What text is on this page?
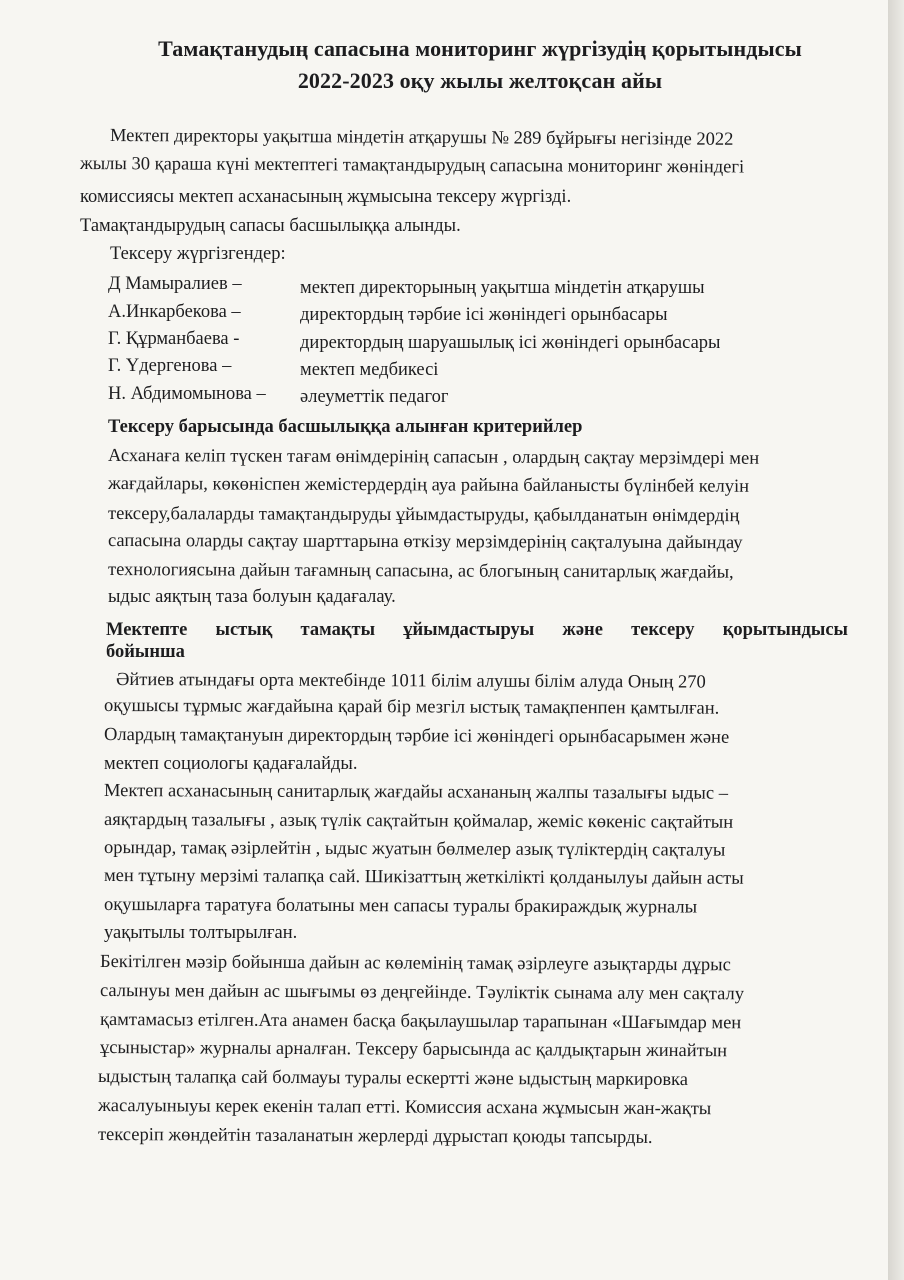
Тамақтанудың сапасына мониторинг жүргізудің қорытындысы
2022-2023 оқу жылы желтоқсан айы
Мектеп директоры уақытша міндетін атқарушы № 289 бұйрығы негізінде 2022
жылы 30 қараша күні мектептегі тамақтандырудың сапасына мониторинг жөніндегі
комиссиясы мектеп асханасының жұмысына тексеру жүргізді.
Тамақтандырудың сапасы басшылыққа алынды.
Тексеру жүргізгендер:
Д Мамыралиев –	мектеп директорының уақытша міндетін атқарушы
А.Инкарбекова –	директордың тәрбие ісі жөніндегі орынбасары
Г. Құрманбаева -	директордың шаруашылық ісі жөніндегі орынбасары
Г. Үдергенова –	мектеп медбикесі
Н. Абдимомынова – әлеуметтік педагог
Тексеру барысында басшылыққа алынған критерийлер
Асханаға келіп түскен тағам өнімдерінің сапасын , олардың сақтау мерзімдері мен
жағдайлары, көкөніспен жемістердердің ауа райына байланысты бүлінбей келуін
тексеру,балаларды тамақтандыруды ұйымдастыруды, қабылданатын өнімдердің
сапасына оларды сақтау шарттарына өткізу мерзімдерінің сақталуына дайындау
технологиясына дайын тағамның сапасына, ас блогының санитарлық жағдайы,
ыдыс аяқтың таза болуын қадағалау.
Мектепте ыстық тамақты ұйымдастыруы және тексеру қорытындысы
бойынша
Әйтиев атындағы орта мектебінде 1011 білім алушы білім алуда Оның 270
оқушысы тұрмыс жағдайына қарай бір мезгіл ыстық тамақпенпен қамтылған.
Олардың тамақтануын директордың тәрбие ісі жөніндегі орынбасарымен және
мектеп социологы қадағалайды.
Мектеп асханасының санитарлық жағдайы асхананың жалпы тазалығы ыдыс –
аяқтардың тазалығы , азық түлік сақтайтын қоймалар, жеміс көкеніс сақтайтын
орындар, тамақ әзірлейтін , ыдыс жуатын бөлмелер азық түліктердің сақталуы
мен тұтыну мерзімі талапқа сай. Шикізаттың жеткілікті қолданылуы дайын асты
оқушыларға таратуға болатыны мен сапасы туралы бракираждық журналы
уақытылы толтырылған.
Бекітілген мәзір бойынша дайын ас көлемінің тамақ әзірлеуге азықтарды дұрыс
салынуы мен дайын ас шығымы өз деңгейінде. Тәуліктік сынама алу мен сақталу
қамтамасыз етілген.Ата анамен басқа бақылаушылар тарапынан «Шағымдар мен
ұсыныстар» журналы арналған. Тексеру барысында ас қалдықтарын жинайтын
ыдыстың талапқа сай болмауы туралы ескертті және ыдыстың маркировка
жасалуыныуы керек екенін талап етті. Комиссия асхана жұмысын жан-жақты
тексеріп жөндейтін тазаланатын жерлерді дұрыстап қоюды тапсырды.
